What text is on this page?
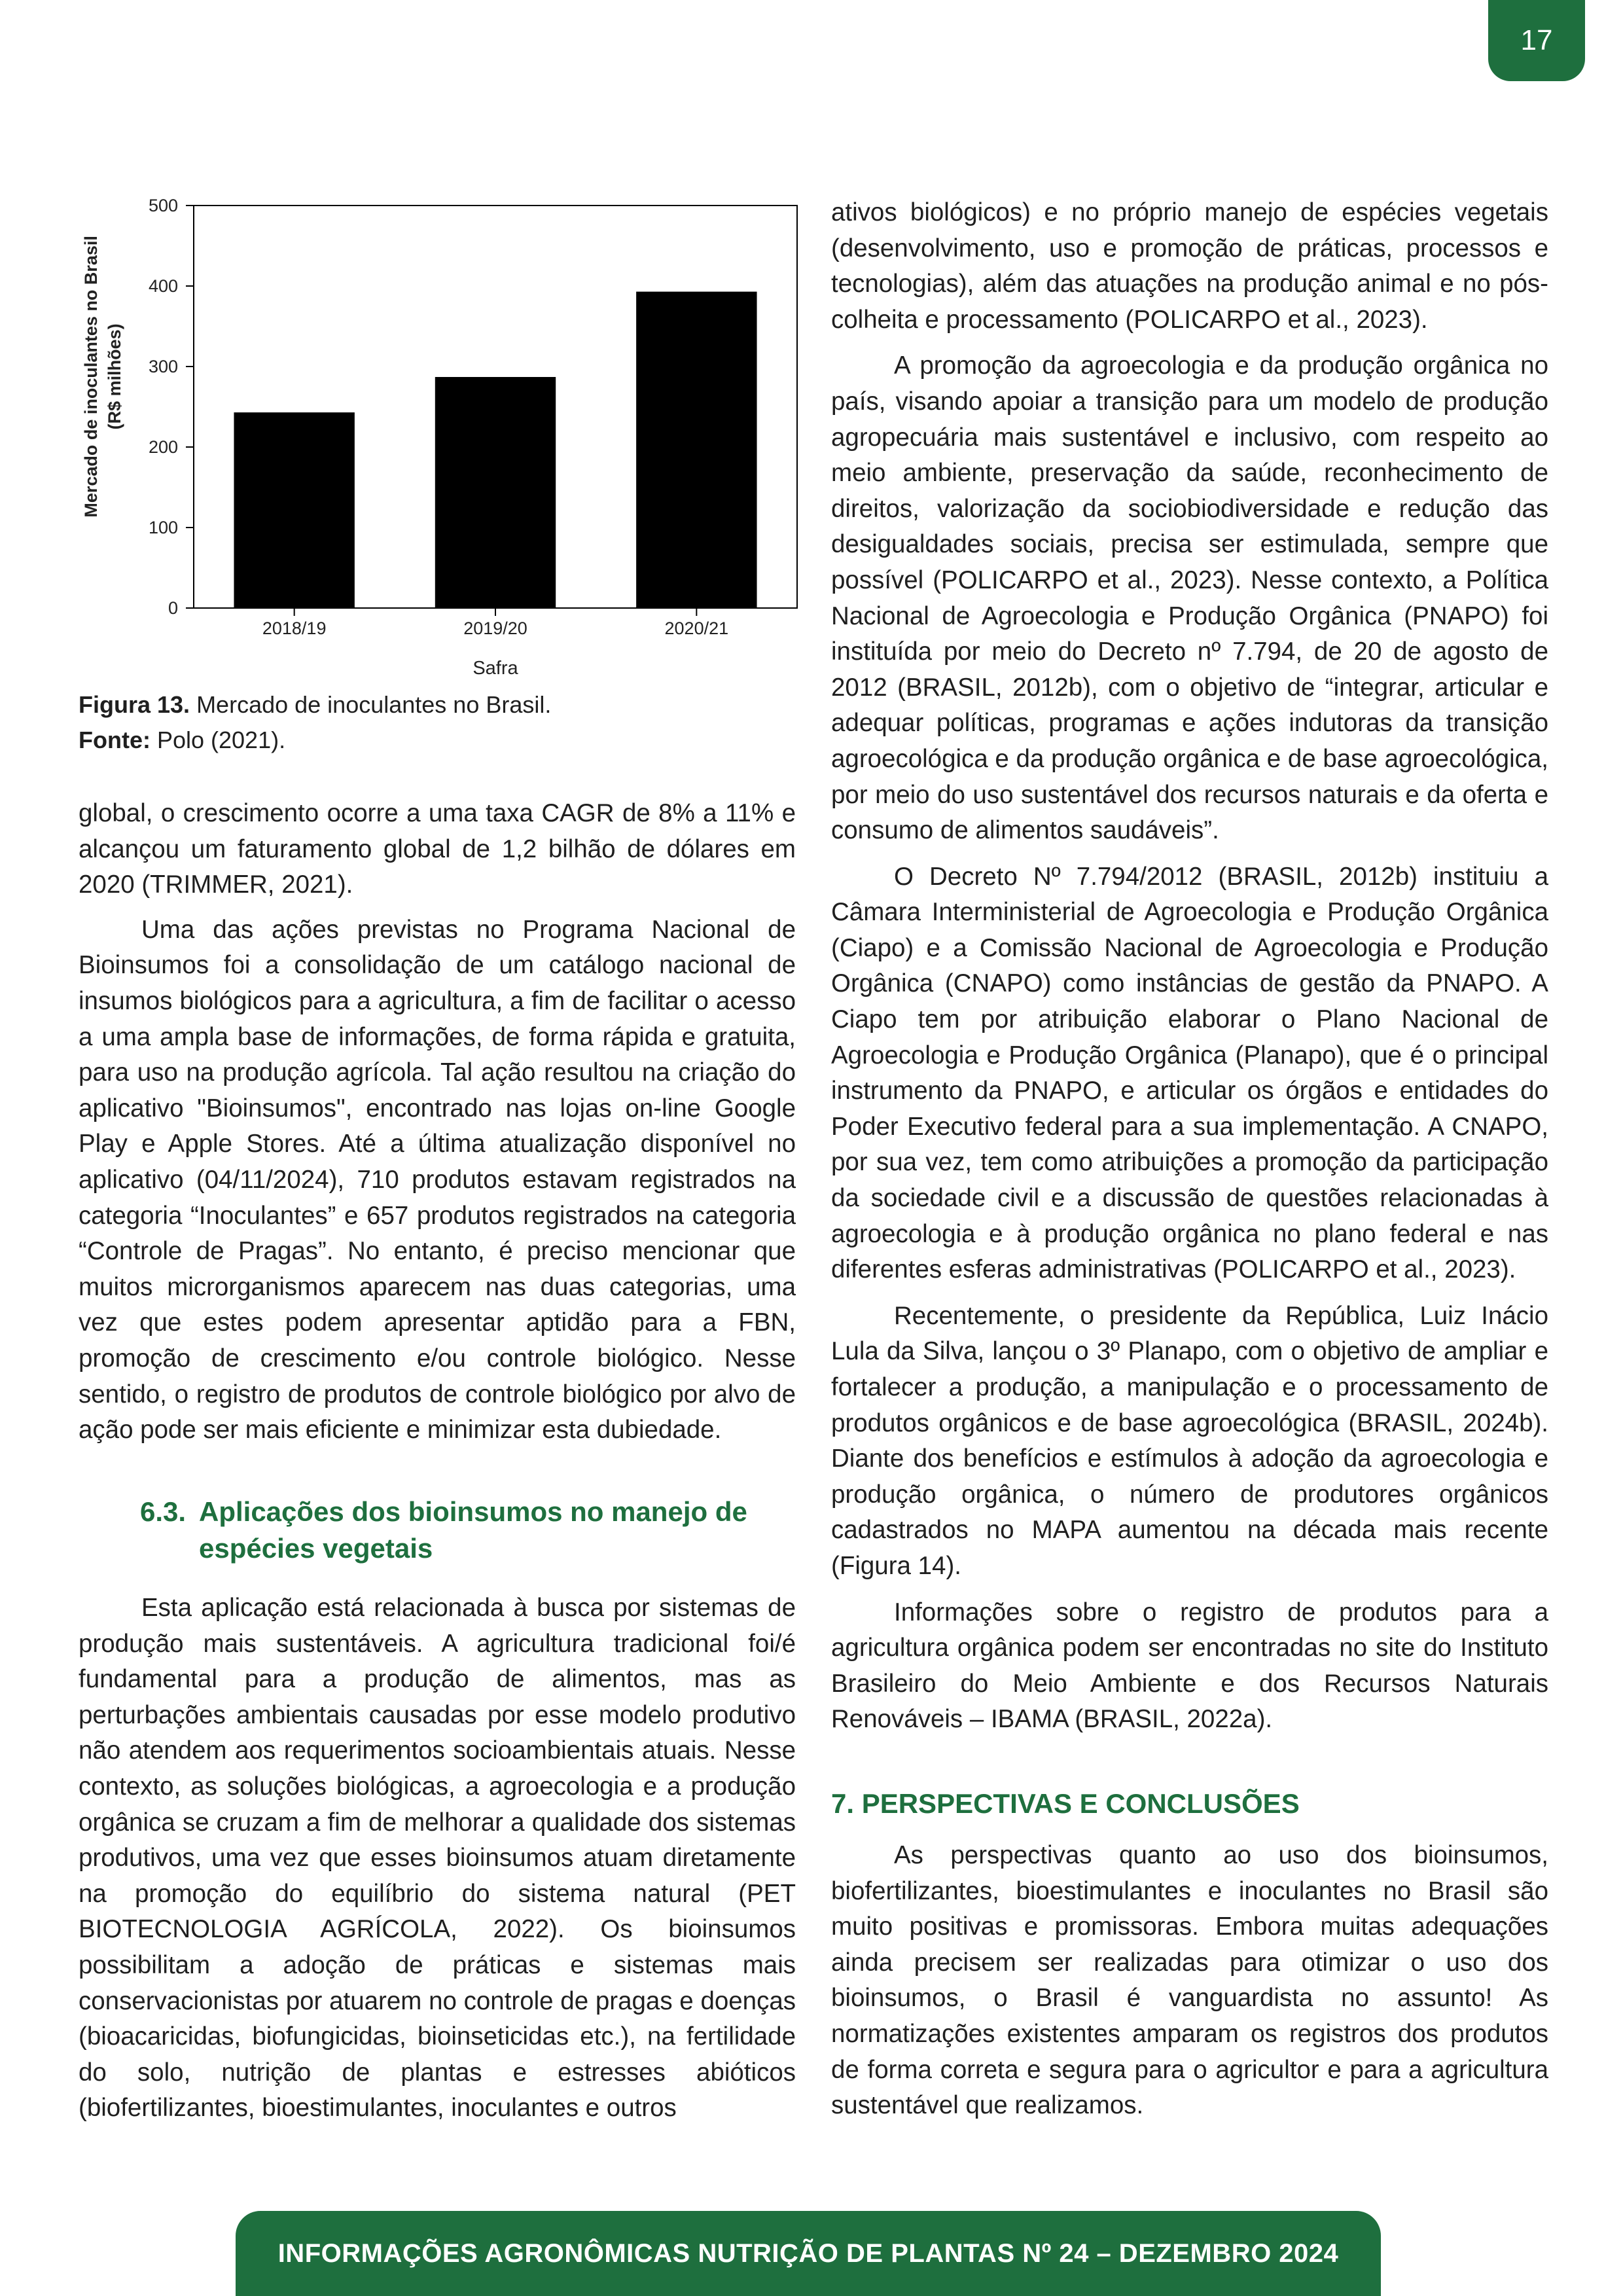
17
0
100
200
300
400
500
2018/19	2019/20	2020/21
Safra
Mercado de inoculantes no Brasil (R$ milhões)
Figura 13. Mercado de inoculantes no Brasil.
Fonte: Polo (2021).

global, o crescimento ocorre a uma taxa CAGR de 8% a 11% e alcançou um faturamento global de 1,2 bilhão de dólares em 2020 (TRIMMER, 2021).

Uma das ações previstas no Programa Nacional de Bioinsumos foi a consolidação de um catálogo nacional de insumos biológicos para a agricultura, a fim de facilitar o acesso a uma ampla base de informações, de forma rápida e gratuita, para uso na produção agrícola. Tal ação resultou na criação do aplicativo "Bioinsumos", encontrado nas lojas on-line Google Play e Apple Stores. Até a última atualização disponível no aplicativo (04/11/2024), 710 produtos estavam registrados na categoria “Inoculantes” e 657 produtos registrados na categoria “Controle de Pragas”. No entanto, é preciso mencionar que muitos microrganismos aparecem nas duas categorias, uma vez que estes podem apresentar aptidão para a FBN, promoção de crescimento e/ou controle biológico. Nesse sentido, o registro de produtos de controle biológico por alvo de ação pode ser mais eficiente e minimizar esta dubiedade.

6.3. Aplicações dos bioinsumos no manejo de espécies vegetais

Esta aplicação está relacionada à busca por sistemas de produção mais sustentáveis. A agricultura tradicional foi/é fundamental para a produção de alimentos, mas as perturbações ambientais causadas por esse modelo produtivo não atendem aos requerimentos socioambientais atuais. Nesse contexto, as soluções biológicas, a agroecologia e a produção orgânica se cruzam a fim de melhorar a qualidade dos sistemas produtivos, uma vez que esses bioinsumos atuam diretamente na promoção do equilíbrio do sistema natural (PET BIOTECNOLOGIA AGRÍCOLA, 2022). Os bioinsumos possibilitam a adoção de práticas e sistemas mais conservacionistas por atuarem no controle de pragas e doenças (bioacaricidas, biofungicidas, bioinseticidas etc.), na fertilidade do solo, nutrição de plantas e estresses abióticos (biofertilizantes, bioestimulantes, inoculantes e outros

ativos biológicos) e no próprio manejo de espécies vegetais (desenvolvimento, uso e promoção de práticas, processos e tecnologias), além das atuações na produção animal e no pós-colheita e processamento (POLICARPO et al., 2023).

A promoção da agroecologia e da produção orgânica no país, visando apoiar a transição para um modelo de produção agropecuária mais sustentável e inclusivo, com respeito ao meio ambiente, preservação da saúde, reconhecimento de direitos, valorização da sociobiodiversidade e redução das desigualdades sociais, precisa ser estimulada, sempre que possível (POLICARPO et al., 2023). Nesse contexto, a Política Nacional de Agroecologia e Produção Orgânica (PNAPO) foi instituída por meio do Decreto nº 7.794, de 20 de agosto de 2012 (BRASIL, 2012b), com o objetivo de “integrar, articular e adequar políticas, programas e ações indutoras da transição agroecológica e da produção orgânica e de base agroecológica, por meio do uso sustentável dos recursos naturais e da oferta e consumo de alimentos saudáveis”.

O Decreto Nº 7.794/2012 (BRASIL, 2012b) instituiu a Câmara Interministerial de Agroecologia e Produção Orgânica (Ciapo) e a Comissão Nacional de Agroecologia e Produção Orgânica (CNAPO) como instâncias de gestão da PNAPO. A Ciapo tem por atribuição elaborar o Plano Nacional de Agroecologia e Produção Orgânica (Planapo), que é o principal instrumento da PNAPO, e articular os órgãos e entidades do Poder Executivo federal para a sua implementação. A CNAPO, por sua vez, tem como atribuições a promoção da participação da sociedade civil e a discussão de questões relacionadas à agroecologia e à produção orgânica no plano federal e nas diferentes esferas administrativas (POLICARPO et al., 2023).

Recentemente, o presidente da República, Luiz Inácio Lula da Silva, lançou o 3º Planapo, com o objetivo de ampliar e fortalecer a produção, a manipulação e o processamento de produtos orgânicos e de base agroecológica (BRASIL, 2024b). Diante dos benefícios e estímulos à adoção da agroecologia e produção orgânica, o número de produtores orgânicos cadastrados no MAPA aumentou na década mais recente (Figura 14).

Informações sobre o registro de produtos para a agricultura orgânica podem ser encontradas no site do Instituto Brasileiro do Meio Ambiente e dos Recursos Naturais Renováveis – IBAMA (BRASIL, 2022a).

7. PERSPECTIVAS E CONCLUSÕES

As perspectivas quanto ao uso dos bioinsumos, biofertilizantes, bioestimulantes e inoculantes no Brasil são muito positivas e promissoras. Embora muitas adequações ainda precisem ser realizadas para otimizar o uso dos bioinsumos, o Brasil é vanguardista no assunto! As normatizações existentes amparam os registros dos produtos de forma correta e segura para o agricultor e para a agricultura sustentável que realizamos.

INFORMAÇÕES AGRONÔMICAS NUTRIÇÃO DE PLANTAS Nº 24 – DEZEMBRO 2024
